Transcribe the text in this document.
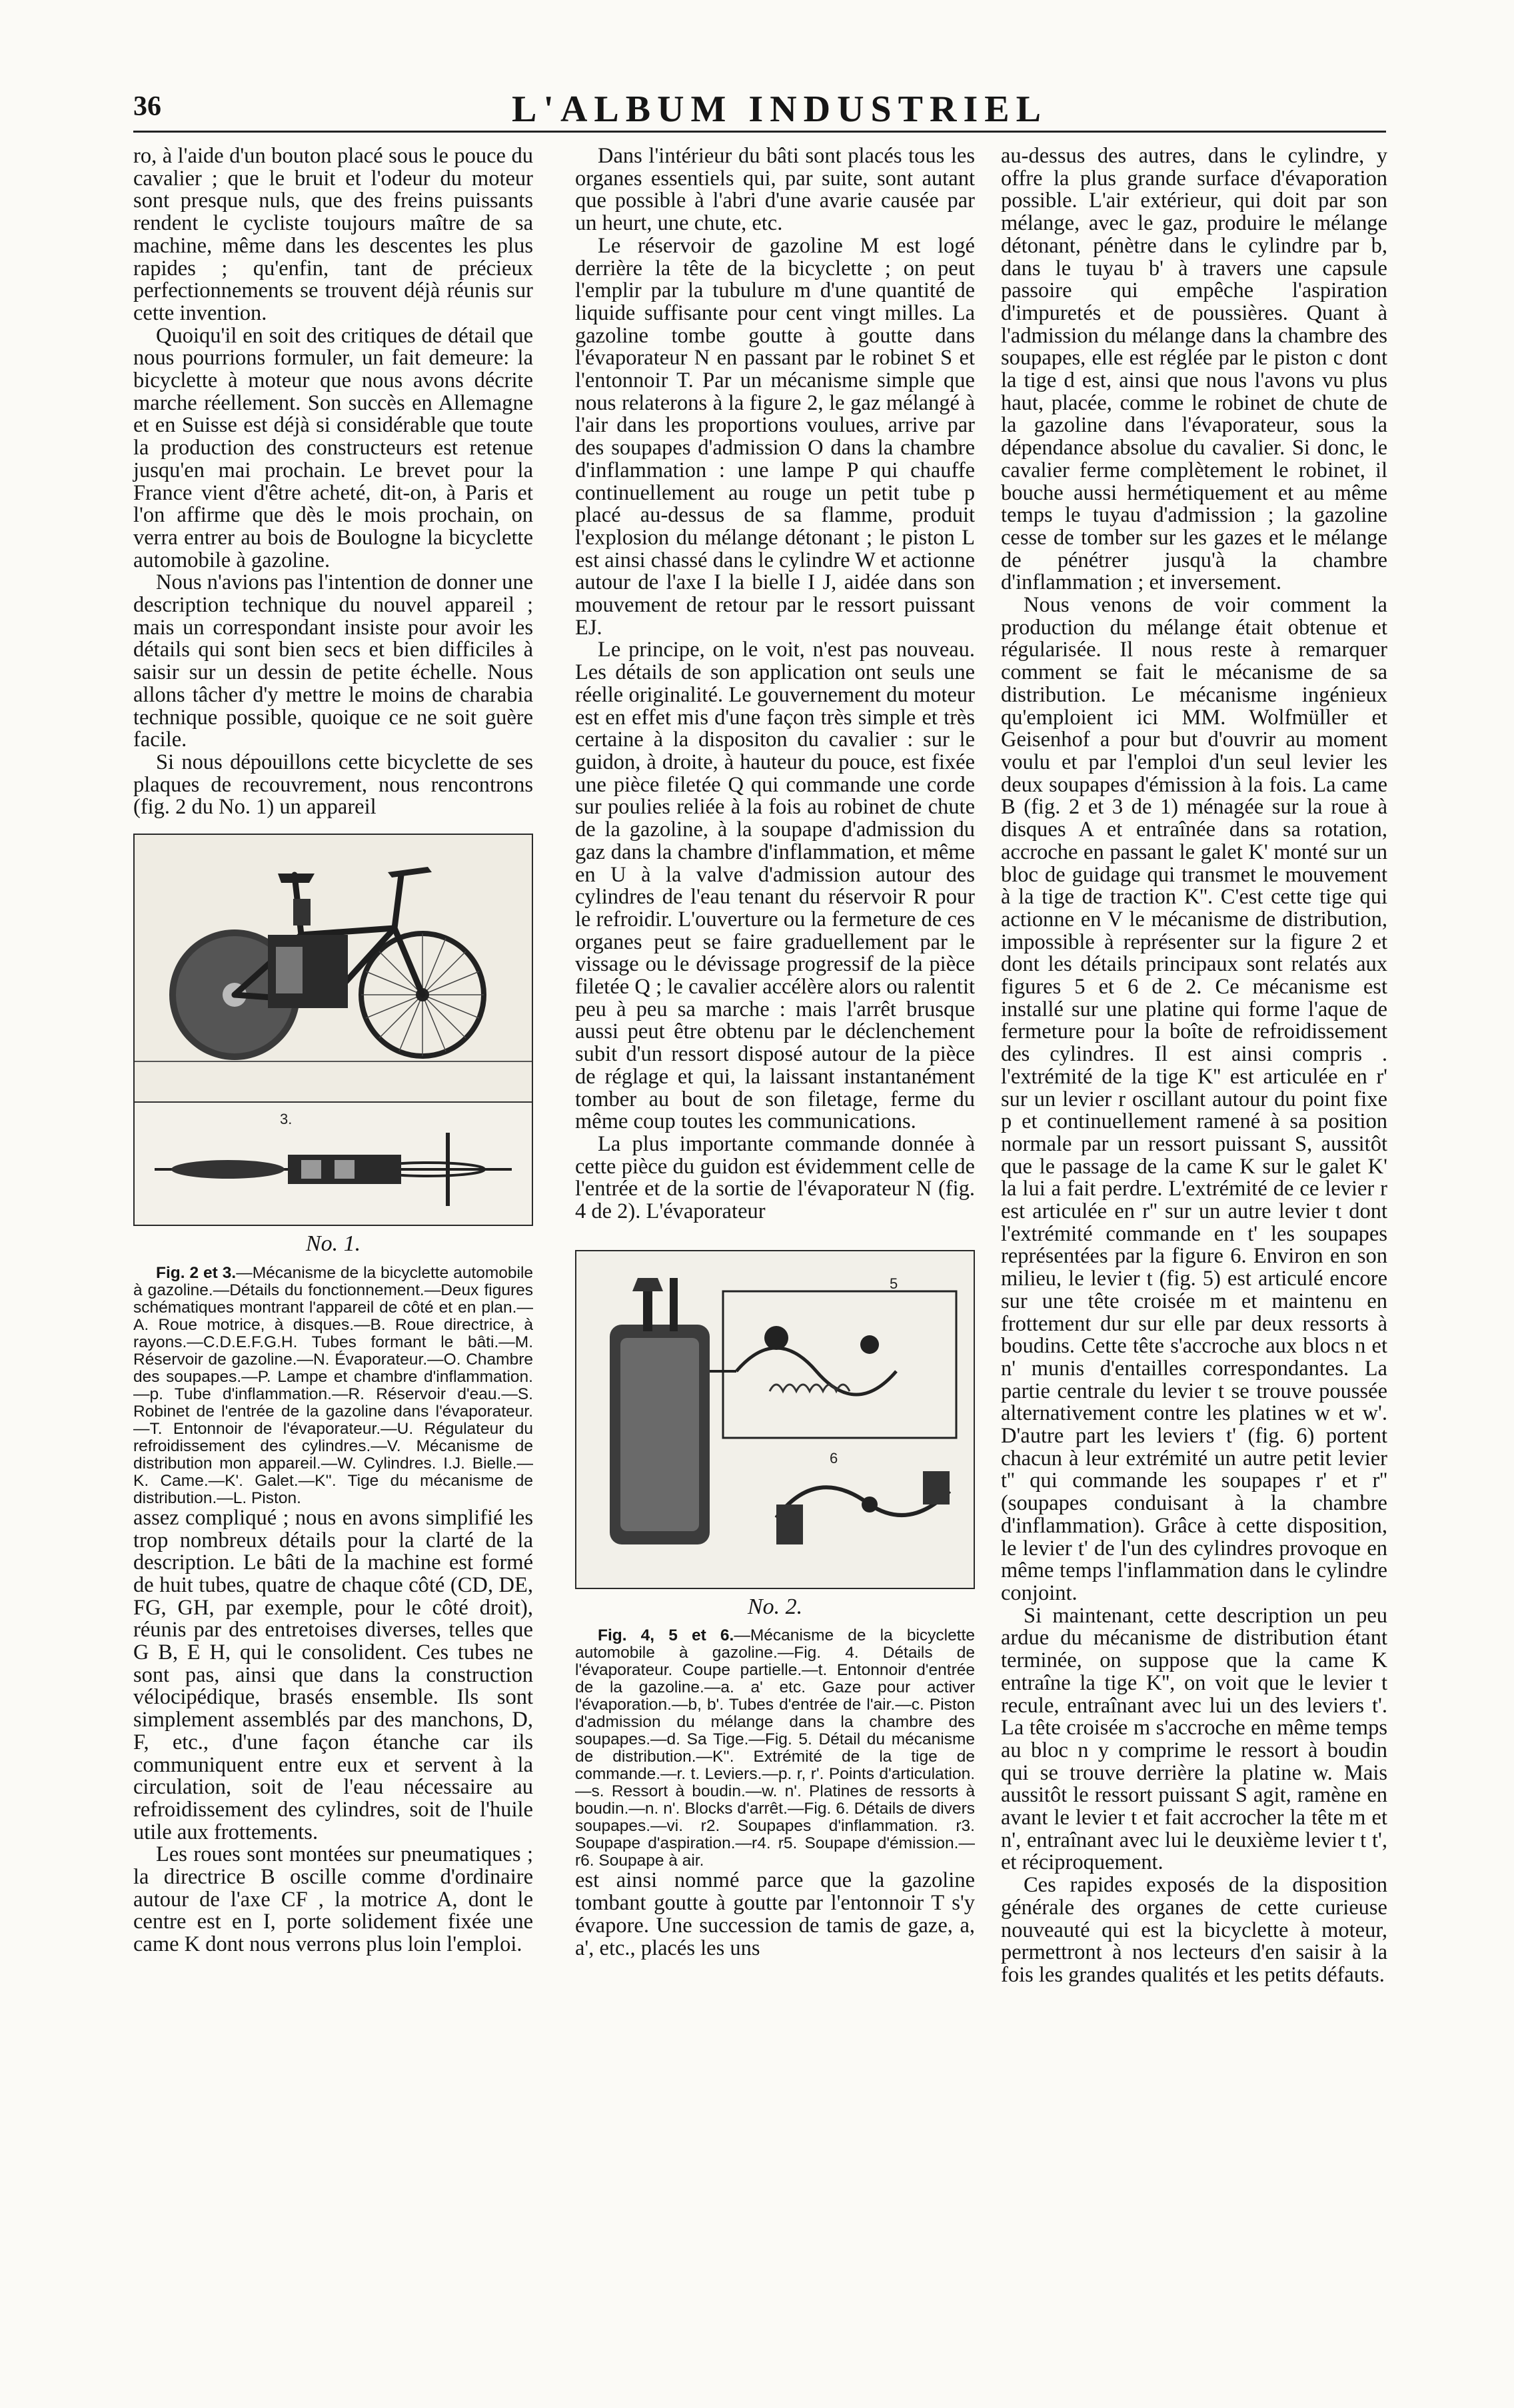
36	L'ALBUM INDUSTRIEL

ro, à l'aide d'un bouton placé sous le pouce du cavalier ; que le bruit et l'odeur du moteur sont presque nuls, que des freins puissants rendent le cycliste toujours maître de sa machine, même dans les descentes les plus rapides ; qu'enfin, tant de précieux perfectionnements se trouvent déjà réunis sur cette invention.

Quoiqu'il en soit des critiques de détail que nous pourrions formuler, un fait demeure: la bicyclette à moteur que nous avons décrite marche réellement. Son succès en Allemagne et en Suisse est déjà si considérable que toute la production des constructeurs est retenue jusqu'en mai prochain. Le brevet pour la France vient d'être acheté, dit-on, à Paris et l'on affirme que dès le mois prochain, on verra entrer au bois de Boulogne la bicyclette automobile à gazoline.

Nous n'avions pas l'intention de donner une description technique du nouvel appareil ; mais un correspondant insiste pour avoir les détails qui sont bien secs et bien difficiles à saisir sur un dessin de petite échelle. Nous allons tâcher d'y mettre le moins de charabia technique possible, quoique ce ne soit guère facile.

Si nous dépouillons cette bicyclette de ses plaques de recouvrement, nous rencontrons (fig. 2 du No. 1) un appareil

3.
No. 1.

Fig. 2 et 3.—Mécanisme de la bicyclette automobile à gazoline.—Détails du fonctionnement.—Deux figures schématiques montrant l'appareil de côté et en plan.—A. Roue motrice, à disques.—B. Roue directrice, à rayons.—C.D.E.F.G.H. Tubes formant le bâti.—M. Réservoir de gazoline.—N. Évaporateur.—O. Chambre des soupapes.—P. Lampe et chambre d'inflammation.—p. Tube d'inflammation.—R. Réservoir d'eau.—S. Robinet de l'entrée de la gazoline dans l'évaporateur.—T. Entonnoir de l'évaporateur.—U. Régulateur du refroidissement des cylindres.—V. Mécanisme de distribution mon appareil.—W. Cylindres. I.J. Bielle.—K. Came.—K'. Galet.—K''. Tige du mécanisme de distribution.—L. Piston.

assez compliqué ; nous en avons simplifié les trop nombreux détails pour la clarté de la description. Le bâti de la machine est formé de huit tubes, quatre de chaque côté (CD, DE, FG, GH, par exemple, pour le côté droit), réunis par des entretoises diverses, telles que G B, E H, qui le consolident. Ces tubes ne sont pas, ainsi que dans la construction vélocipédique, brasés ensemble. Ils sont simplement assemblés par des manchons, D, F, etc., d'une façon étanche car ils communiquent entre eux et servent à la circulation, soit de l'eau nécessaire au refroidissement des cylindres, soit de l'huile utile aux frottements.

Les roues sont montées sur pneumatiques ; la directrice B oscille comme d'ordinaire autour de l'axe CF , la motrice A, dont le centre est en I, porte solidement fixée une came K dont nous verrons plus loin l'emploi.

Dans l'intérieur du bâti sont placés tous les organes essentiels qui, par suite, sont autant que possible à l'abri d'une avarie causée par un heurt, une chute, etc.

Le réservoir de gazoline M est logé derrière la tête de la bicyclette ; on peut l'emplir par la tubulure m d'une quantité de liquide suffisante pour cent vingt milles. La gazoline tombe goutte à goutte dans l'évaporateur N en passant par le robinet S et l'entonnoir T. Par un mécanisme simple que nous relaterons à la figure 2, le gaz mélangé à l'air dans les proportions voulues, arrive par des soupapes d'admission O dans la chambre d'inflammation : une lampe P qui chauffe continuellement au rouge un petit tube p placé au-dessus de sa flamme, produit l'explosion du mélange détonant ; le piston L est ainsi chassé dans le cylindre W et actionne autour de l'axe I la bielle I J, aidée dans son mouvement de retour par le ressort puissant EJ.

Le principe, on le voit, n'est pas nouveau. Les détails de son application ont seuls une réelle originalité. Le gouvernement du moteur est en effet mis d'une façon très simple et très certaine à la dispositon du cavalier : sur le guidon, à droite, à hauteur du pouce, est fixée une pièce filetée Q qui commande une corde sur poulies reliée à la fois au robinet de chute de la gazoline, à la soupape d'admission du gaz dans la chambre d'inflammation, et même en U à la valve d'admission autour des cylindres de l'eau tenant du réservoir R pour le refroidir. L'ouverture ou la fermeture de ces organes peut se faire graduellement par le vissage ou le dévissage progressif de la pièce filetée Q ; le cavalier accélère alors ou ralentit peu à peu sa marche : mais l'arrêt brusque aussi peut être obtenu par le déclenchement subit d'un ressort disposé autour de la pièce de réglage et qui, la laissant instantanément tomber au bout de son filetage, ferme du même coup toutes les communications.

La plus importante commande donnée à cette pièce du guidon est évidemment celle de l'entrée et de la sortie de l'évaporateur N (fig. 4 de 2). L'évaporateur

5
6
No. 2.

Fig. 4, 5 et 6.—Mécanisme de la bicyclette automobile à gazoline.—Fig. 4. Détails de l'évaporateur. Coupe partielle.—t. Entonnoir d'entrée de la gazoline.—a. a' etc. Gaze pour activer l'évaporation.—b, b'. Tubes d'entrée de l'air.—c. Piston d'admission du mélange dans la chambre des soupapes.—d. Sa Tige.—Fig. 5. Détail du mécanisme de distribution.—K''. Extrémité de la tige de commande.—r. t. Leviers.—p. r, r'. Points d'articulation.—s. Ressort à boudin.—w. n'. Platines de ressorts à boudin.—n. n'. Blocks d'arrêt.—Fig. 6. Détails de divers soupapes.—vi. r2. Soupapes d'inflammation. r3. Soupape d'aspiration.—r4. r5. Soupape d'émission.—r6. Soupape à air.

est ainsi nommé parce que la gazoline tombant goutte à goutte par l'entonnoir T s'y évapore. Une succession de tamis de gaze, a, a', etc., placés les uns

au-dessus des autres, dans le cylindre, y offre la plus grande surface d'évaporation possible. L'air extérieur, qui doit par son mélange, avec le gaz, produire le mélange détonant, pénètre dans le cylindre par b, dans le tuyau b' à travers une capsule passoire qui empêche l'aspiration d'impuretés et de poussières. Quant à l'admission du mélange dans la chambre des soupapes, elle est réglée par le piston c dont la tige d est, ainsi que nous l'avons vu plus haut, placée, comme le robinet de chute de la gazoline dans l'évaporateur, sous la dépendance absolue du cavalier. Si donc, le cavalier ferme complètement le robinet, il bouche aussi hermétiquement et au même temps le tuyau d'admission ; la gazoline cesse de tomber sur les gazes et le mélange de pénétrer jusqu'à la chambre d'inflammation ; et inversement.

Nous venons de voir comment la production du mélange était obtenue et régularisée. Il nous reste à remarquer comment se fait le mécanisme de sa distribution. Le mécanisme ingénieux qu'emploient ici MM. Wolfmüller et Geisenhof a pour but d'ouvrir au moment voulu et par l'emploi d'un seul levier les deux soupapes d'émission à la fois. La came B (fig. 2 et 3 de 1) ménagée sur la roue à disques A et entraînée dans sa rotation, accroche en passant le galet K' monté sur un bloc de guidage qui transmet le mouvement à la tige de traction K''. C'est cette tige qui actionne en V le mécanisme de distribution, impossible à représenter sur la figure 2 et dont les détails principaux sont relatés aux figures 5 et 6 de 2. Ce mécanisme est installé sur une platine qui forme l'aque de fermeture pour la boîte de refroidissement des cylindres. Il est ainsi compris . l'extrémité de la tige K'' est articulée en r' sur un levier r oscillant autour du point fixe p et continuellement ramené à sa position normale par un ressort puissant S, aussitôt que le passage de la came K sur le galet K' la lui a fait perdre. L'extrémité de ce levier r est articulée en r'' sur un autre levier t dont l'extrémité commande en t' les soupapes représentées par la figure 6. Environ en son milieu, le levier t (fig. 5) est articulé encore sur une tête croisée m et maintenu en frottement dur sur elle par deux ressorts à boudins. Cette tête s'accroche aux blocs n et n' munis d'entailles correspondantes. La partie centrale du levier t se trouve poussée alternativement contre les platines w et w'. D'autre part les leviers t' (fig. 6) portent chacun à leur extrémité un autre petit levier t'' qui commande les soupapes r' et r'' (soupapes conduisant à la chambre d'inflammation). Grâce à cette disposition, le levier t' de l'un des cylindres provoque en même temps l'inflammation dans le cylindre conjoint.

Si maintenant, cette description un peu ardue du mécanisme de distribution étant terminée, on suppose que la came K entraîne la tige K'', on voit que le levier t recule, entraînant avec lui un des leviers t'. La tête croisée m s'accroche en même temps au bloc n y comprime le ressort à boudin qui se trouve derrière la platine w. Mais aussitôt le ressort puissant S agit, ramène en avant le levier t et fait accrocher la tête m et n', entraînant avec lui le deuxième levier t t', et réciproquement.

Ces rapides exposés de la disposition générale des organes de cette curieuse nouveauté qui est la bicyclette à moteur, permettront à nos lecteurs d'en saisir à la fois les grandes qualités et les petits défauts.
